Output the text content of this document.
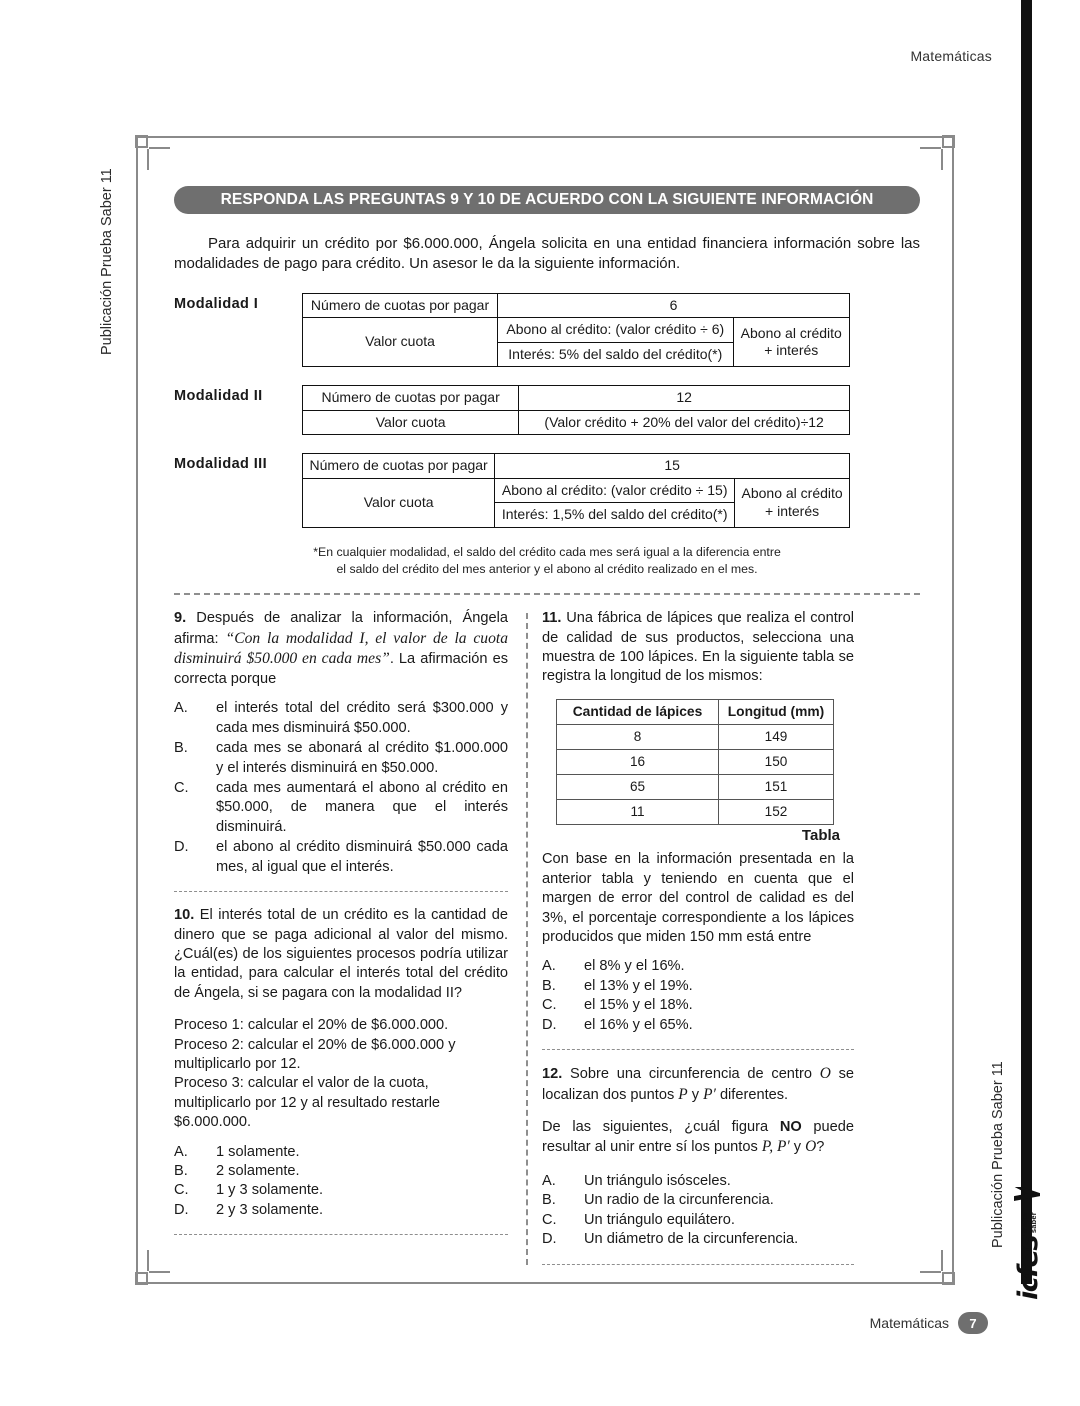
Matemáticas
Publicación Prueba Saber 11
Publicación Prueba Saber 11
icfes
mejor saber
RESPONDA LAS PREGUNTAS 9 Y 10 DE ACUERDO CON LA SIGUIENTE INFORMACIÓN

Para adquirir un crédito por $6.000.000, Ángela solicita en una entidad financiera información sobre las modalidades de pago para crédito. Un asesor le da la siguiente información.

Modalidad I	Número de cuotas por pagar	6	
Valor cuota	Abono al crédito: (valor crédito ÷ 6)	Abono al crédito
+ interés
	Interés: 5% del saldo del crédito(*)	
Modalidad II	Número de cuotas por pagar	12
Valor cuota	(Valor crédito + 20% del valor del crédito)÷12
Modalidad III	Número de cuotas por pagar	15	
Valor cuota	Abono al crédito: (valor crédito ÷ 15)	Abono al crédito
+ interés
	Interés: 1,5% del saldo del crédito(*)	
*En cualquier modalidad, el saldo del crédito cada mes será igual a la diferencia entre
el saldo del crédito del mes anterior y el abono al crédito realizado en el mes.
9. Después de analizar la información, Ángela afirma: “Con la modalidad I, el valor de la cuota disminuirá $50.000 en cada mes”. La afirmación es correcta porque
A.	el interés total del crédito será $300.000 y cada mes disminuirá $50.000.
B.	cada mes se abonará al crédito $1.000.000 y el interés disminuirá en $50.000.
C.	cada mes aumentará el abono al crédito en $50.000, de manera que el interés disminuirá.
D.	el abono al crédito disminuirá $50.000 cada mes, al igual que el interés.
10. El interés total de un crédito es la cantidad de dinero que se paga adicional al valor del mismo. ¿Cuál(es) de los siguientes procesos podría utilizar la entidad, para calcular el interés total del crédito de Ángela, si se pagara con la modalidad II?
Proceso 1: calcular el 20% de $6.000.000.
Proceso 2: calcular el 20% de $6.000.000 y multiplicarlo por 12.
Proceso 3: calcular el valor de la cuota, multiplicarlo por 12 y al resultado restarle $6.000.000.
A.	1 solamente.
B.	2 solamente.
C.	1 y 3 solamente.
D.	2 y 3 solamente.
11. Una fábrica de lápices que realiza el control de calidad de sus productos, selecciona una muestra de 100 lápices. En la siguiente tabla se registra la longitud de los mismos:
Cantidad de lápices	Longitud (mm)
8	149
16	150
65	151
11	152
Tabla
Con base en la información presentada en la anterior tabla y teniendo en cuenta que el margen de error del control de calidad es del 3%, el porcentaje correspondiente a los lápices producidos que miden 150 mm está entre
A.	el 8% y el 16%.
B.	el 13% y el 19%.
C.	el 15% y el 18%.
D.	el 16% y el 65%.
12. Sobre una circunferencia de centro O se localizan dos puntos P y P′ diferentes.
De las siguientes, ¿cuál figura NO puede resultar al unir entre sí los puntos P, P′ y O?
A.	Un triángulo isósceles.
B.	Un radio de la circunferencia.
C.	Un triángulo equilátero.
D.	Un diámetro de la circunferencia.
Matemáticas	7
